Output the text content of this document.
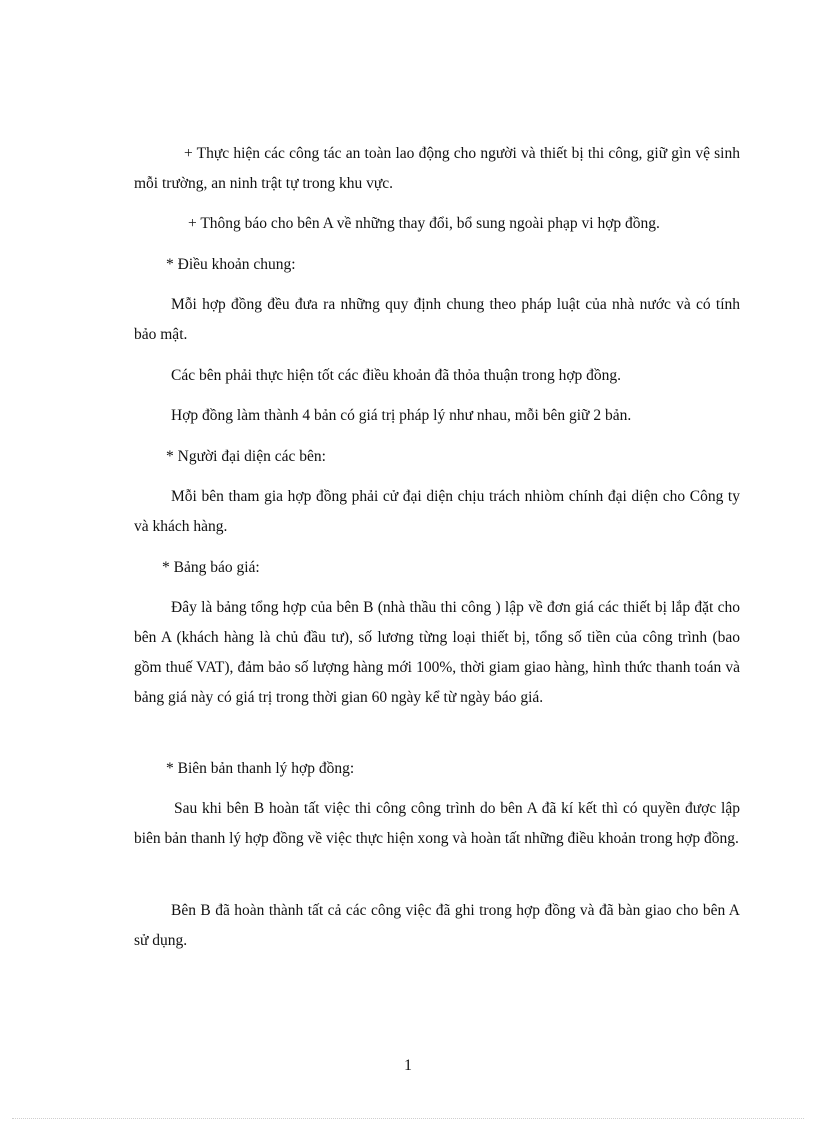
+ Thực hiện các công tác an toàn lao động cho người và thiết bị thi công, giữ gìn vệ sinh mỗi trường, an ninh trật tự trong khu vực.

+ Thông báo cho bên A về những thay đổi, bổ sung ngoài phạp vi hợp đồng.

* Điều khoản chung:

Mỗi hợp đồng đều đưa ra những quy định chung theo pháp luật của nhà nước và có tính bảo mật.

Các bên phải thực hiện tốt các điều khoản đã thỏa thuận trong hợp đồng.

Hợp đồng làm thành 4 bản có giá trị pháp lý như nhau, mỗi bên giữ 2 bản.

* Người đại diện các bên:

Mỗi bên tham gia hợp đồng phải cử đại diện chịu trách nhiòm chính đại diện cho Công ty và khách hàng.

* Bảng báo giá:

Đây là bảng tổng hợp của bên B (nhà thầu thi công ) lập về đơn giá các thiết bị lắp đặt cho bên A (khách hàng là chủ đầu tư), số lương từng loại thiết bị, tổng số tiền của công trình (bao gồm thuế VAT), đảm bảo số lượng hàng mới 100%, thời giam giao hàng, hình thức thanh toán và bảng giá này có giá trị trong thời gian 60 ngày kể từ ngày báo giá.

* Biên bản thanh lý hợp đồng:

Sau khi bên B hoàn tất việc thi công công trình do bên A đã kí kết thì có quyền được lập biên bản thanh lý hợp đồng về việc thực hiện xong và hoàn tất những điều khoản trong hợp đồng.

Bên B đã hoàn thành tất cả các công việc đã ghi trong hợp đồng và đã bàn giao cho bên A sử dụng.

1
